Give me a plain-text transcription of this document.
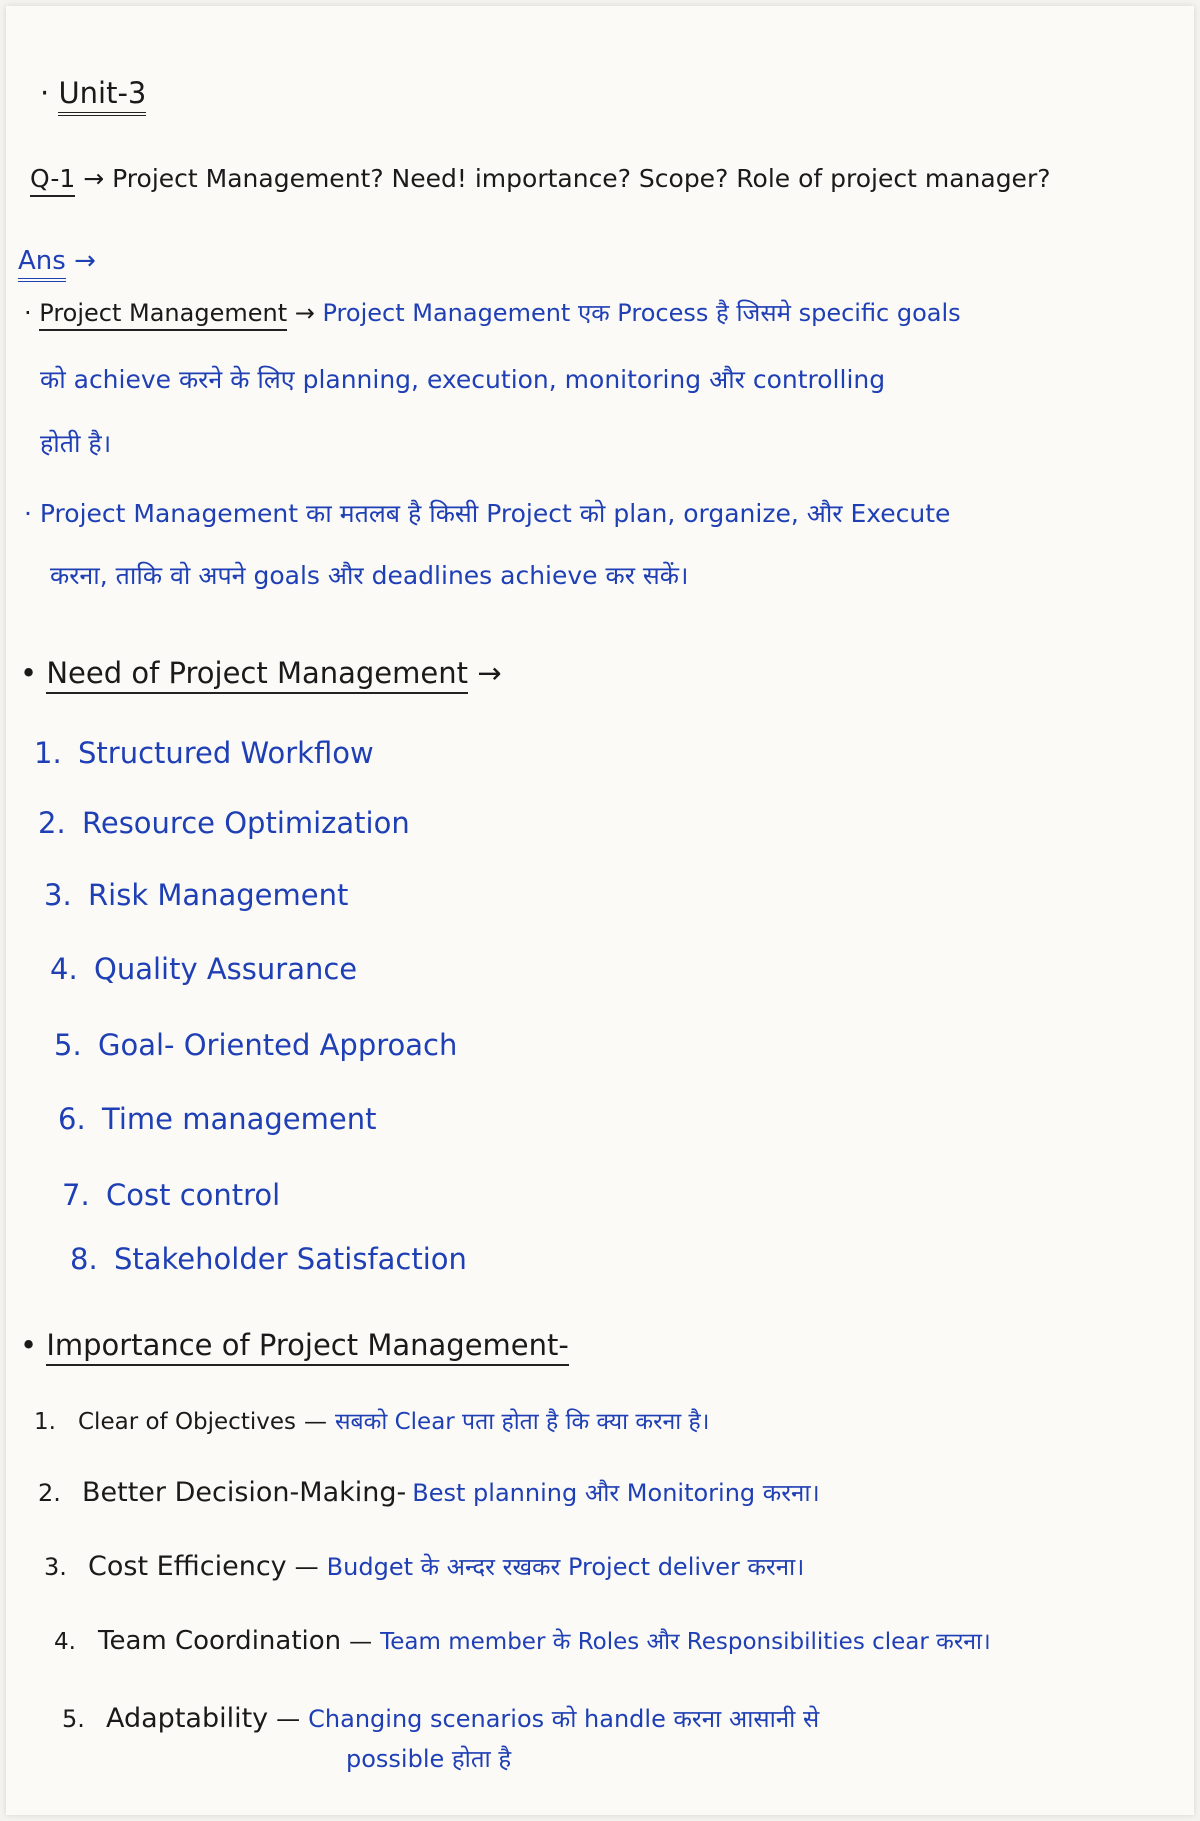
· Unit-3
Q-1 → Project Management? Need! importance? Scope? Role of project manager?
Ans →
· Project Management → Project Management एक Process है जिसमे specific goals
को achieve करने के लिए planning, execution, monitoring और controlling
होती है।
· Project Management का मतलब है किसी Project को plan, organize, और Execute
करना, ताकि वो अपने goals और deadlines achieve कर सकें।
• Need of Project Management →
1. Structured Workflow
2. Resource Optimization
3. Risk Management
4. Quality Assurance
5. Goal- Oriented Approach
6. Time management
7. Cost control
8. Stakeholder Satisfaction
• Importance of Project Management-
1. Clear of Objectives — सबको Clear पता होता है कि क्या करना है।
2. Better Decision-Making- Best planning और Monitoring करना।
3. Cost Efficiency — Budget के अन्दर रखकर Project deliver करना।
4. Team Coordination — Team member के Roles और Responsibilities clear करना।
5. Adaptability — Changing scenarios को handle करना आसानी से
possible होता है
